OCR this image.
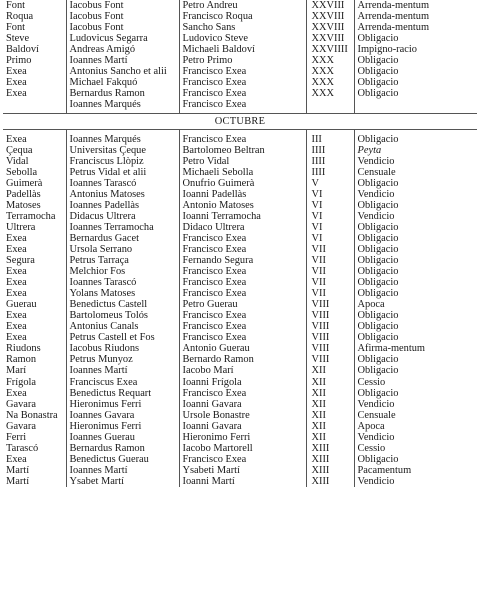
Font	Iacobus Font	Petro Andreu	XXVIII	Arrenda-mentum
Roqua	Iacobus Font	Francisco Roqua	XXVIII	Arrenda-mentum
Font	Iacobus Font	Sancho Sans	XXVIII	Arrenda-mentum
Steve	Ludovicus Segarra	Ludovico Steve	XXVIII	Obligacio
Baldoví	Andreas Amigó	Michaeli Baldoví	XXVIIII	Impigno-racio
Primo	Ioannes Martí	Petro Primo	XXX	Obligacio
Exea	Antonius Sancho et alii	Francisco Exea	XXX	Obligacio
Exea	Michael Fakquó	Francisco Exea	XXX	Obligacio
Exea	Bernardus Ramon	Francisco Exea	XXX	Obligacio
	Ioannes Marqués	Francisco Exea		

OCTUBRE				

Exea	Ioannes Marqués	Francisco Exea	III	Obligacio
Çequa	Universitas Çeque	Bartolomeo Beltran	IIII	Peyta
Vidal	Franciscus Llòpiz	Petro Vidal	IIII	Vendicio
Sebolla	Petrus Vidal et alii	Michaeli Sebolla	IIII	Censuale
Guimerà	Ioannes Tarascó	Onufrio Guimerà	V	Obligacio
Padellàs	Antonius Matoses	Ioanni Padellàs	VI	Vendicio
Matoses	Ioannes Padellàs	Antonio Matoses	VI	Obligacio
Terramocha	Didacus Ultrera	Ioanni Terramocha	VI	Vendicio
Ultrera	Ioannes Terramocha	Didaco Ultrera	VI	Obligacio
Exea	Bernardus Gacet	Francisco Exea	VI	Obligacio
Exea	Ursola Serrano	Francisco Exea	VII	Obligacio
Segura	Petrus Tarraça	Fernando Segura	VII	Obligacio
Exea	Melchior Fos	Francisco Exea	VII	Obligacio
Exea	Ioannes Tarascó	Francisco Exea	VII	Obligacio
Exea	Yolans Matoses	Francisco Exea	VII	Obligacio
Guerau	Benedictus Castell	Petro Guerau	VIII	Apoca
Exea	Bartolomeus Tolós	Francisco Exea	VIII	Obligacio
Exea	Antonius Canals	Francisco Exea	VIII	Obligacio
Exea	Petrus Castell et Fos	Francisco Exea	VIII	Obligacio
Riudons	Iacobus Riudons	Antonio Guerau	VIII	Afirma-mentum
Ramon	Petrus Munyoz	Bernardo Ramon	VIII	Obligacio
Marí	Ioannes Martí	Iacobo Marí	XII	Obligacio
Frígola	Franciscus Exea	Ioanni Frígola	XII	Cessio
Exea	Benedictus Requart	Francisco Exea	XII	Obligacio
Gavara	Hieronimus Ferri	Ioanni Gavara	XII	Vendicio
Na Bonastra	Ioannes Gavara	Ursole Bonastre	XII	Censuale
Gavara	Hieronimus Ferri	Ioanni Gavara	XII	Apoca
Ferri	Ioannes Guerau	Hieronimo Ferri	XII	Vendicio
Tarascó	Bernardus Ramon	Iacobo Martorell	XIII	Cessio
Exea	Benedictus Guerau	Francisco Exea	XIII	Obligacio
Martí	Ioannes Martí	Ysabeti Martí	XIII	Pacamentum
Martí	Ysabet Martí	Ioanni Martí	XIII	Vendicio
